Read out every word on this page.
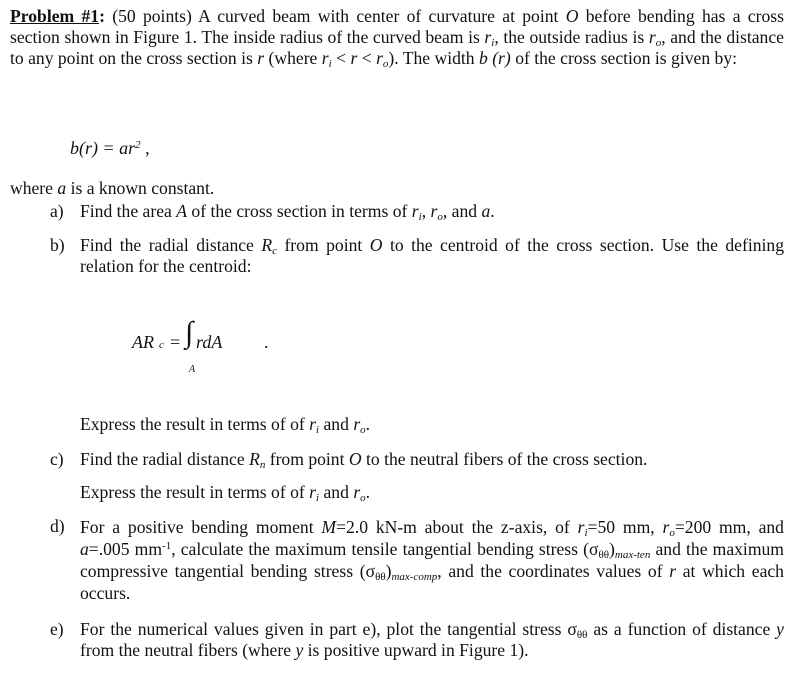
Problem #1: (50 points) A curved beam with center of curvature at point O before bending has a cross section shown in Figure 1. The inside radius of the curved beam is $r_i$, the outside radius is $r_o$, and the distance to any point on the cross section is r (where $r_i < r < r_o$). The width b (r) of the cross section is given by:
$b(r) = ar^2$ ,
where a is a known constant.
a) Find the area A of the cross section in terms of $r_i$, $r_o$, and a.
b) Find the radial distance $R_c$ from point O to the centroid of the cross section. Use the defining relation for the centroid:
AR c = ∫ rdA
A
.
Express the result in terms of of $r_i$ and $r_o$.
c) Find the radial distance $R_n$ from point O to the neutral fibers of the cross section.
Express the result in terms of of $r_i$ and $r_o$.
d) For a positive bending moment M=2.0 kN-m about the z-axis, of $r_i=50$ mm, $r_o=200$ mm, and a=.005 $mm^{-1}$, calculate the maximum tensile tangential bending stress $(\sigma_{\theta\theta})_{max-ten}$ and the maximum compressive tangential bending stress $(\sigma_{\theta\theta})_{max-comp}$, and the coordinates values of r at which each occurs.
e) For the numerical values given in part e), plot the tangential stress $\sigma_{\theta\theta}$ as a function of distance y from the neutral fibers (where y is positive upward in Figure 1).
